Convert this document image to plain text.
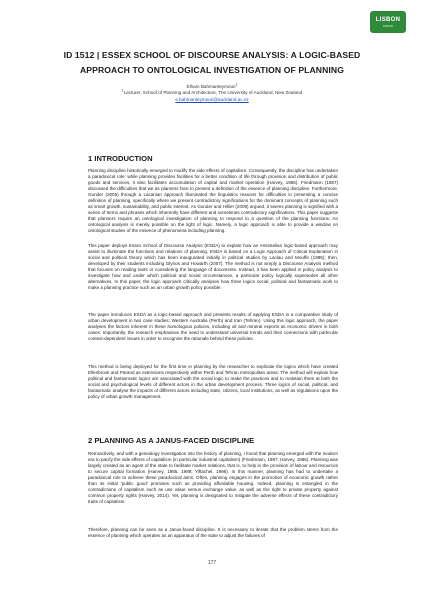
LISBON
ANPOP
ID 1512 | ESSEX SCHOOL OF DISCOURSE ANALYSIS: A LOGIC-BASED APPROACH TO ONTOLOGICAL INVESTIGATION OF PLANNING
Elham Bahmanteymouri$^1$
$^1$Lecturer, School of Planning and Architecture, The University of Auckland, New Zealand
e.bahmanteymouri@auckland.ac.nz
1 INTRODUCTION
Planning discipline historically emerged to modify the side effects of capitalism. Consequently, the discipline has undertaken a paradoxical role: while planning provides facilities for a better condition of life through provision and distribution of public goods and services, it also facilitates accumulation of capital and market operation (Harvey, 1985). Friedmann (1987) discussed the difficulties that we as planners face to present a definition of the essence of planning discipline. Furthermore, Gunder (2005) through a Lacanian approach illuminated the linguistics reasons for difficulties in presenting a concise definition of planning, specifically where we present contradictory significations for the dominant concepts of planning such as smart growth, sustainability, and public interest. As Gunder and Hillier (2009) argued, it seems planning is signified with a series of terms and phrases which inherently have different and sometimes contradictory significations. This paper suggests that planners require an ontological investigation of planning to respond to a question of the planning functions. An ontological analysis is merely possible on the light of logic. Namely, a logic approach is able to provide a window on ontological studies of the essence of phenomena including planning.
This paper deploys Essex School of Discourse Analysis (ESDA) to explain how an Aristotelian logic-based approach may assist to illuminate the functions and relations of planning. ESDA is based on a Logic Approach of Critical Explanation in social and political theory which has been inaugurated initially in political studies by Laclau and Mouffe (1985); then, developed by their students including Glynos and Howarth (2007). The method is not simply a Discourse Analysis method that focuses on reading texts or considering the language of documents. Instead, it has been applied in policy analysis to investigate how and under which political and social circumstances, a particular policy logically supersedes all other alternatives. In this paper, the logic approach critically analyses how three logics social, political and fantasmatic work to make a planning practice such as an urban growth policy possible.
The paper introduces ESDA as a logic-based approach and presents results of applying ESDA in a comparative study of urban development in two case studies: Western Australia (Perth) and Iran (Tehran). Using this logic approach, the paper analyses the factors inherent in these homologous policies, including oil and mineral exports as economic drivers in both cases. Importantly, the research emphasises the need to understand universal trends and their connections with particular context-dependent issues in order to recognise the rationale behind these policies.
This method is being deployed for the first time in planning by the researcher to explicate the logics which have created Ellenbrook and Parand as extensions respectively within Perth and Tehran metropolitan areas. The method will explain how political and fantasmatic logics are associated with the social logic to make the practices and to maintain them at both the social and psychological levels of different actors in the urban development process. Three logics of social, political, and fantasmatic analyse the impacts of different actors including state, citizens, local institutions, as well as regulations upon the policy of urban growth management.
2 PLANNING AS A JANUS-FACED DISCIPLINE
Retroactively, and with a genealogy investigation into the history of planning, I found that planning emerged with the modern era to pacify the side effects of capitalism (in particular industrial capitalism) (Friedmann, 1987; Harvey, 1985). Planning was largely created as an agent of the state to facilitate market relations, that is, to help in the provision of labour and resources to secure capital formation (Harvey, 1985, 1989; Yiftachel, 1998). In this manner, planning has had to undertake a paradoxical role to achieve these paradoxical aims. Often, planning engages in the promotion of economic growth rather than its initial 'public good' promises such as providing affordable housing. Indeed, planning is entangled in the contradictions of capitalism such as use value versus exchange value, as well as the right to private property against common property rights (Harvey, 2014). Yet, planning is designated to mitigate the adverse effects of these contradictory traits of capitalism.
Therefore, planning can be seen as a Janus-faced discipline. It is necessary to iterate that the problem stems from the essence of planning which operates as an apparatus of the state to adjust the failures of
177
